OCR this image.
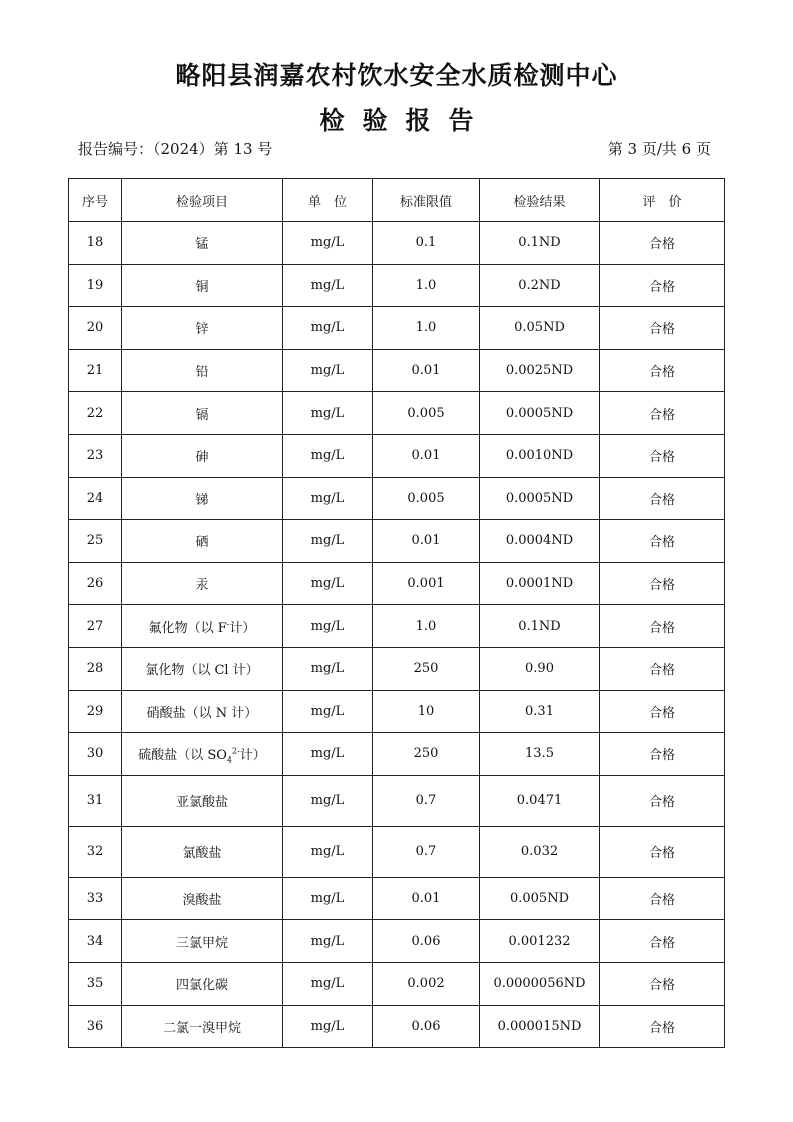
略阳县润嘉农村饮水安全水质检测中心
检验报告
报告编号：（2024）第 13 号	第 3 页/共 6 页
序号	检验项目	单　位	标准限值	检验结果	评　价
18	锰	mg/L	0.1	0.1ND	合格
19	铜	mg/L	1.0	0.2ND	合格
20	锌	mg/L	1.0	0.05ND	合格
21	铅	mg/L	0.01	0.0025ND	合格
22	镉	mg/L	0.005	0.0005ND	合格
23	砷	mg/L	0.01	0.0010ND	合格
24	锑	mg/L	0.005	0.0005ND	合格
25	硒	mg/L	0.01	0.0004ND	合格
26	汞	mg/L	0.001	0.0001ND	合格
27	氟化物（以 F-计）	mg/L	1.0	0.1ND	合格
28	氯化物（以 Cl 计）	mg/L	250	0.90	合格
29	硝酸盐（以 N 计）	mg/L	10	0.31	合格
30	硫酸盐（以 $SO_4^{2-}$计）	mg/L	250	13.5	合格
31	亚氯酸盐	mg/L	0.7	0.0471	合格
32	氯酸盐	mg/L	0.7	0.032	合格
33	溴酸盐	mg/L	0.01	0.005ND	合格
34	三氯甲烷	mg/L	0.06	0.001232	合格
35	四氯化碳	mg/L	0.002	0.0000056ND	合格
36	二氯一溴甲烷	mg/L	0.06	0.000015ND	合格
